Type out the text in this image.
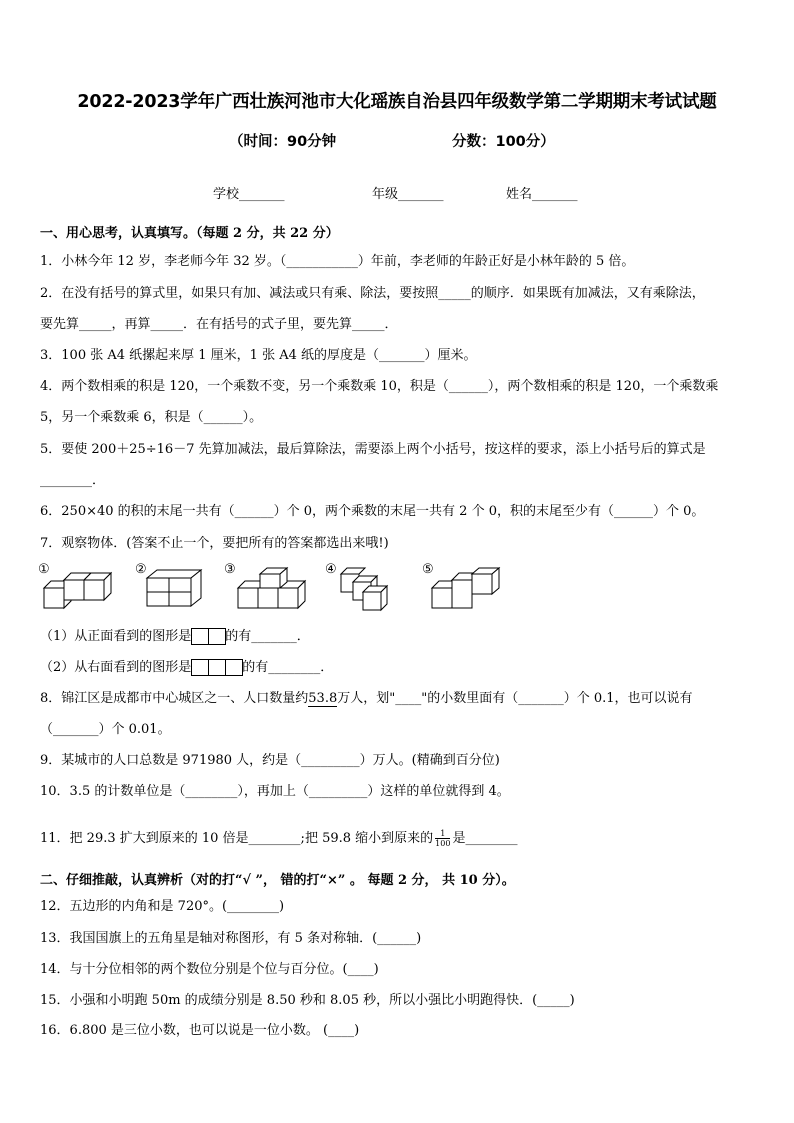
2022-2023学年广西壮族河池市大化瑶族自治县四年级数学第二学期期末考试试题
（时间：90分钟	分数：100分）
学校_______	年级_______	姓名_______
一、用心思考，认真填写。（每题 2 分，共 22 分）
1．小林今年 12 岁，李老师今年 32 岁。（___________）年前，李老师的年龄正好是小林年龄的 5 倍。
2．在没有括号的算式里，如果只有加、减法或只有乘、除法，要按照_____的顺序．如果既有加减法，又有乘除法，
要先算_____，再算_____．在有括号的式子里，要先算_____．
3．100 张 A4 纸摞起来厚 1 厘米，1 张 A4 纸的厚度是（_______）厘米。
4．两个数相乘的积是 120，一个乘数不变，另一个乘数乘 10，积是（______），两个数相乘的积是 120，一个乘数乘
5，另一个乘数乘 6，积是（______）。
5．要使 200＋25÷16－7 先算加减法，最后算除法，需要添上两个小括号，按这样的要求，添上小括号后的算式是
________．
6．250×40 的积的末尾一共有（______）个 0，两个乘数的末尾一共有 2 个 0，积的末尾至少有（______）个 0。
7．观察物体．(答案不止一个，要把所有的答案都选出来哦!)
①	②	③	④	⑤
（1）从正面看到的图形是	的有_______．
（2）从右面看到的图形是	的有________．
8．锦江区是成都市中心城区之一、人口数量约53.8万人，划"____"的小数里面有（_______）个 0.1，也可以说有
（_______）个 0.01。
9．某城市的人口总数是 971980 人，约是（_________）万人。(精确到百分位)
10．3.5 的计数单位是（________），再加上（_________）这样的单位就得到 4。
11．把 29.3 扩大到原来的 10 倍是________;把 59.8 缩小到原来的 $\frac{1}{100}$ 是________
二、仔细推敲，认真辨析（对的打“√ ”， 错的打“×” 。 每题 2 分， 共 10 分）。
12．五边形的内角和是 720°。(________)
13．我国国旗上的五角星是轴对称图形，有 5 条对称轴．(______)
14．与十分位相邻的两个数位分别是个位与百分位。(____)
15．小强和小明跑 50m 的成绩分别是 8.50 秒和 8.05 秒，所以小强比小明跑得快．(_____)
16．6.800 是三位小数，也可以说是一位小数。 (____)
